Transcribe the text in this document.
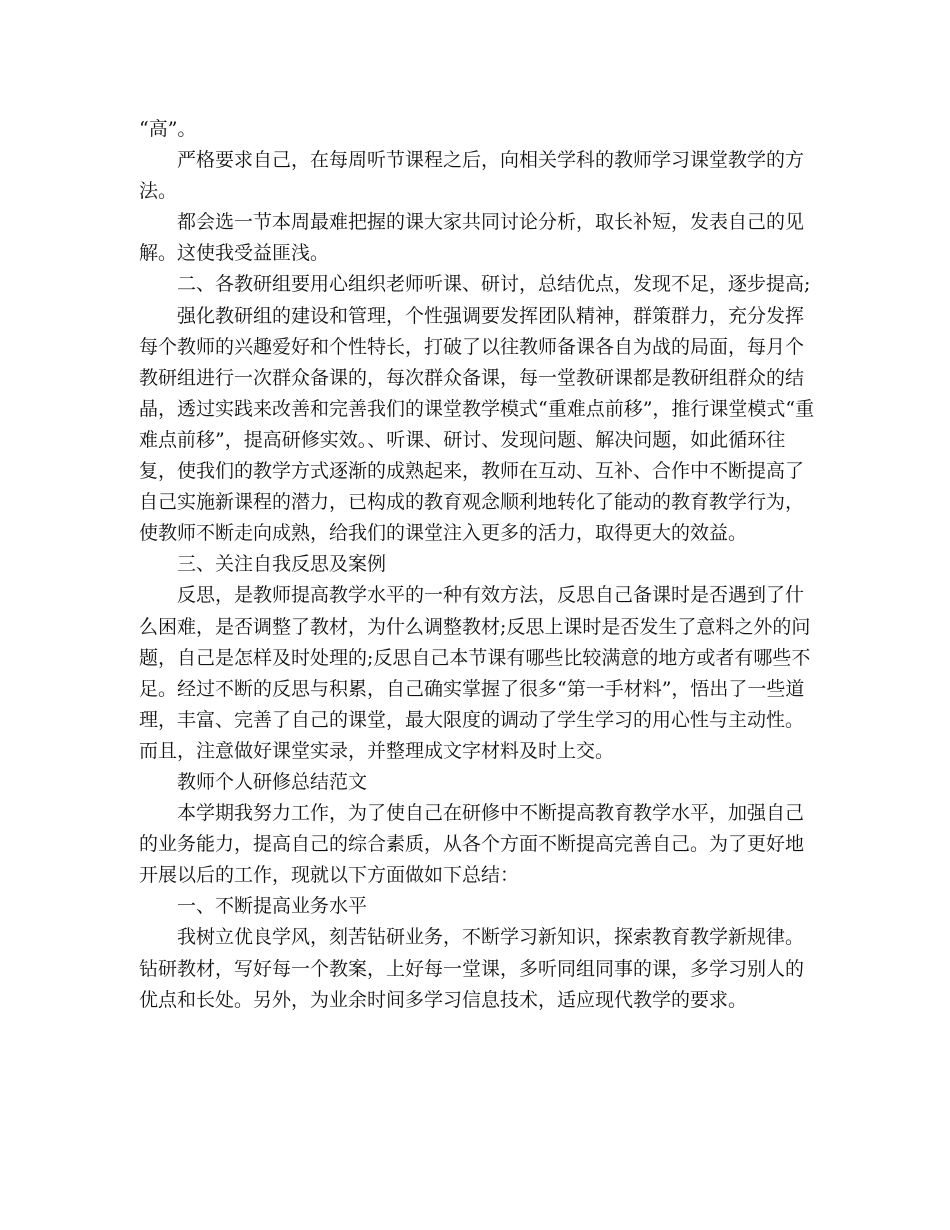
“高”。

严格要求自己，在每周听节课程之后，向相关学科的教师学习课堂教学的方法。

都会选一节本周最难把握的课大家共同讨论分析，取长补短，发表自己的见解。这使我受益匪浅。

二、各教研组要用心组织老师听课、研讨，总结优点，发现不足，逐步提高;

强化教研组的建设和管理，个性强调要发挥团队精神，群策群力，充分发挥每个教师的兴趣爱好和个性特长，打破了以往教师备课各自为战的局面，每月个教研组进行一次群众备课的，每次群众备课，每一堂教研课都是教研组群众的结晶，透过实践来改善和完善我们的课堂教学模式“重难点前移”，推行课堂模式“重难点前移”，提高研修实效。、听课、研讨、发现问题、解决问题，如此循环往复，使我们的教学方式逐渐的成熟起来，教师在互动、互补、合作中不断提高了自己实施新课程的潜力，已构成的教育观念顺利地转化了能动的教育教学行为，使教师不断走向成熟，给我们的课堂注入更多的活力，取得更大的效益。

三、关注自我反思及案例

反思，是教师提高教学水平的一种有效方法，反思自己备课时是否遇到了什么困难，是否调整了教材，为什么调整教材;反思上课时是否发生了意料之外的问题，自己是怎样及时处理的;反思自己本节课有哪些比较满意的地方或者有哪些不足。经过不断的反思与积累，自己确实掌握了很多“第一手材料”，悟出了一些道理，丰富、完善了自己的课堂，最大限度的调动了学生学习的用心性与主动性。而且，注意做好课堂实录，并整理成文字材料及时上交。

教师个人研修总结范文

本学期我努力工作，为了使自己在研修中不断提高教育教学水平，加强自己的业务能力，提高自己的综合素质，从各个方面不断提高完善自己。为了更好地开展以后的工作，现就以下方面做如下总结：

一、不断提高业务水平

我树立优良学风，刻苦钻研业务，不断学习新知识，探索教育教学新规律。钻研教材，写好每一个教案，上好每一堂课，多听同组同事的课，多学习别人的优点和长处。另外，为业余时间多学习信息技术，适应现代教学的要求。
